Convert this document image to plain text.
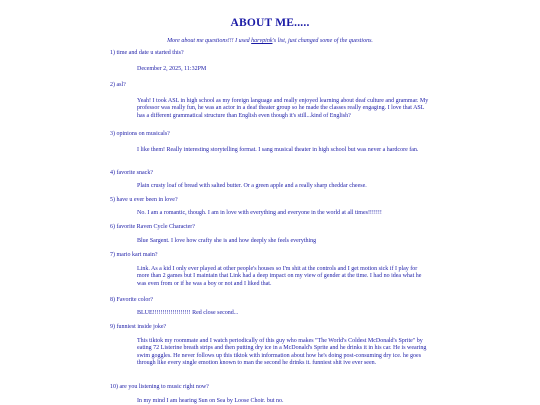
ABOUT ME.....
More about me questions!!! I used harvpink's list, just changed some of the questions.

1) time and date u started this?

December 2, 2025, 11:32PM

2) asl?

Yeah! I took ASL in high school as my foreign language and really enjoyed learning about deaf culture and grammar. My professor was really fun, he was an actor in a deaf theater group so he made the classes really engaging. I love that ASL has a different grammatical structure than English even though it's still...kind of English?

3) opinions on musicals?

I like them! Really interesting storytelling format. I sang musical theater in high school but was never a hardcore fan.

4) favorite snack?

Plain crusty loaf of bread with salted butter. Or a green apple and a really sharp cheddar cheese.

5) have u ever been in love?

No. I am a romantic, though. I am in love with everything and everyone in the world at all times!!!!!!!

6) favorite Raven Cycle Character?

Blue Sargent. I love how crafty she is and how deeply she feels everything

7) mario kart main?

Link. As a kid I only ever played at other people's houses so I'm shit at the controls and I get motion sick if I play for more than 2 games but I maintain that Link had a deep impact on my view of gender at the time. I had no idea what he was even from or if he was a boy or not and I liked that.

8) Favorite color?

BLUE!!!!!!!!!!!!!!!!!!! Red close second...

9) funniest inside joke?

This tiktok my roommate and I watch periodically of this guy who makes "The World's Coldest McDonald's Sprite" by eating 72 Listerine breath strips and then putting dry ice in a McDonald's Sprite and he drinks it in his car. He is wearing swim goggles. He never follows up this tiktok with information about how he's doing post-consuming dry ice. he goes through like every single emotion known to man the second he drinks it. funniest shit ive ever seen.

10) are you listening to music right now?

In my mind I am hearing Sun on Sea by Loose Choir. but no.
